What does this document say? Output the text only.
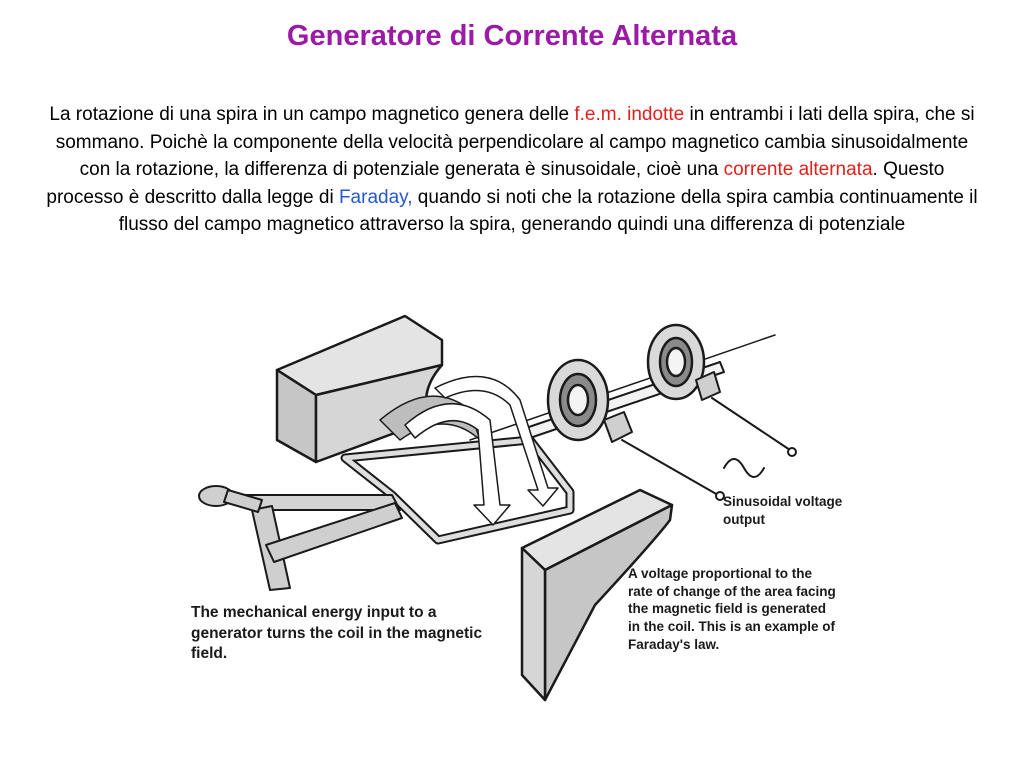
Generatore di Corrente Alternata
La rotazione di una spira in un campo magnetico genera delle f.e.m. indotte in entrambi i lati della spira, che si sommano. Poichè la componente della velocità perpendicolare al campo magnetico cambia sinusoidalmente con la rotazione, la differenza di potenziale generata è sinusoidale, cioè una corrente alternata. Questo processo è descritto dalla legge di Faraday, quando si noti che la rotazione della spira cambia continuamente il flusso del campo magnetico attraverso la spira, generando quindi una differenza di potenziale
The mechanical energy input to a generator turns the coil in the magnetic field.
Sinusoidal voltage output
A voltage proportional to the rate of change of the area facing the magnetic field is generated in the coil. This is an example of Faraday's law.
